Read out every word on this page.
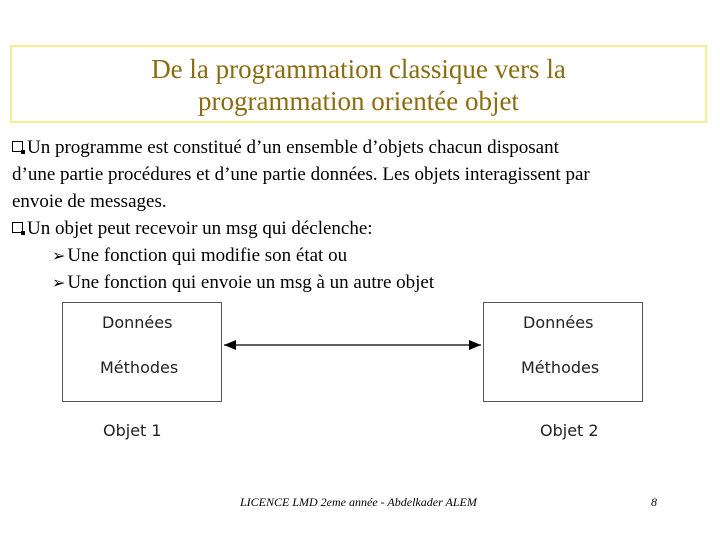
De la programmation classique vers la
programmation orientée objet
Un programme est constitué d’un ensemble d’objets chacun disposant
d’une partie procédures et d’une partie données. Les objets interagissent par
envoie de messages.
Un objet peut recevoir un msg qui déclenche:
➢ Une fonction qui modifie son état ou
➢ Une fonction qui envoie un msg à un autre objet
Données
Méthodes
Objet 1
Données
Méthodes
Objet 2
LICENCE LMD 2eme année - Abdelkader ALEM	8
